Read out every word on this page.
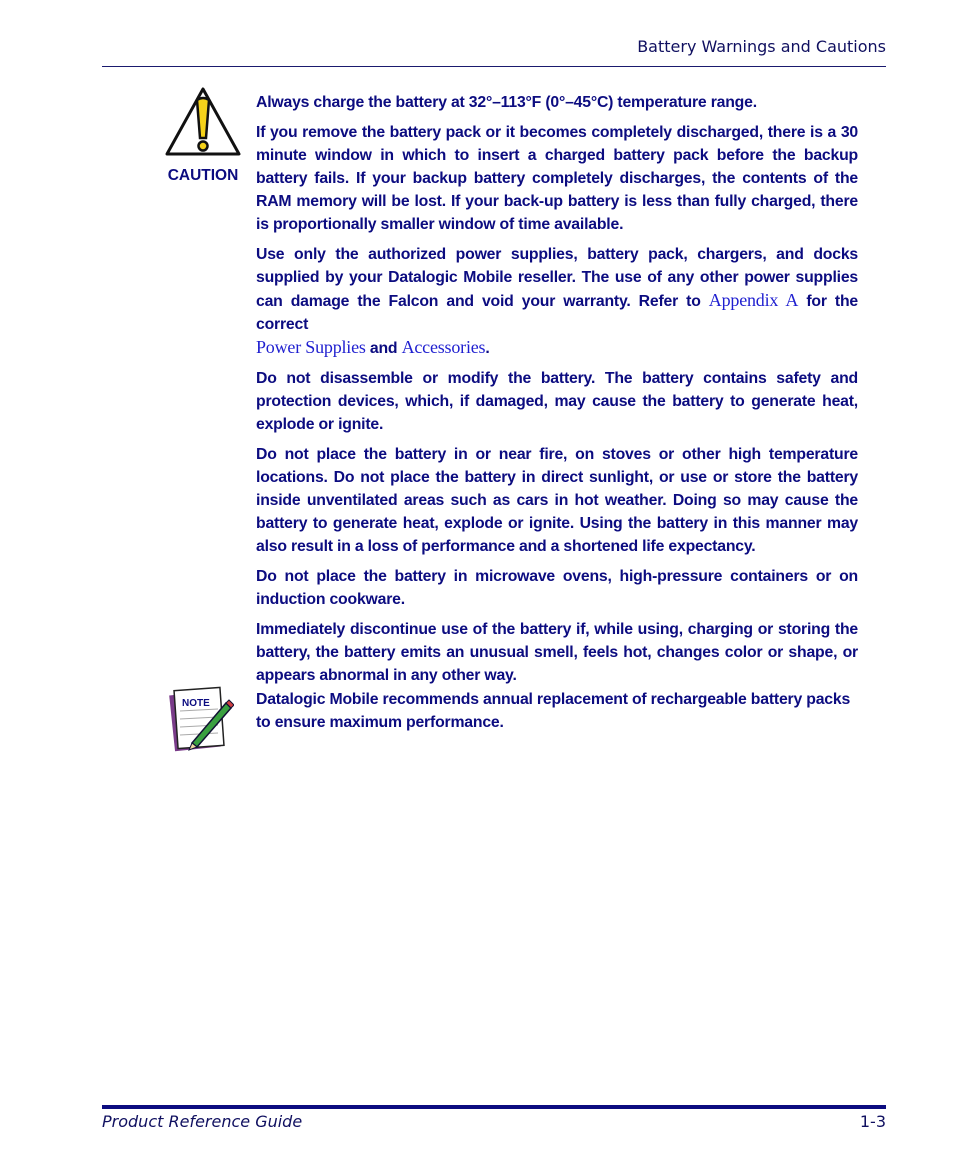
Battery Warnings and Cautions
CAUTION

Always charge the battery at 32°–113°F (0°–45°C) temperature range.

If you remove the battery pack or it becomes completely discharged, there is a 30 minute window in which to insert a charged battery pack before the backup battery fails. If your backup battery completely discharges, the contents of the RAM memory will be lost. If your back-up battery is less than fully charged, there is proportionally smaller window of time available.

Use only the authorized power supplies, battery pack, chargers, and docks supplied by your Datalogic Mobile reseller. The use of any other power supplies can damage the Falcon and void your warranty. Refer to Appendix A for the correct
Power Supplies and Accessories.

Do not disassemble or modify the battery. The battery contains safety and protection devices, which, if damaged, may cause the battery to generate heat, explode or ignite.

Do not place the battery in or near fire, on stoves or other high temperature locations. Do not place the battery in direct sunlight, or use or store the battery inside unventilated areas such as cars in hot weather. Doing so may cause the battery to generate heat, explode or ignite. Using the battery in this manner may also result in a loss of performance and a shortened life expectancy.

Do not place the battery in microwave ovens, high-pressure containers or on induction cookware.

Immediately discontinue use of the battery if, while using, charging or storing the battery, the battery emits an unusual smell, feels hot, changes color or shape, or appears abnormal in any other way.

NOTE	Datalogic Mobile recommends annual replacement of rechargeable battery packs to ensure maximum performance.
Product Reference Guide	1-3
